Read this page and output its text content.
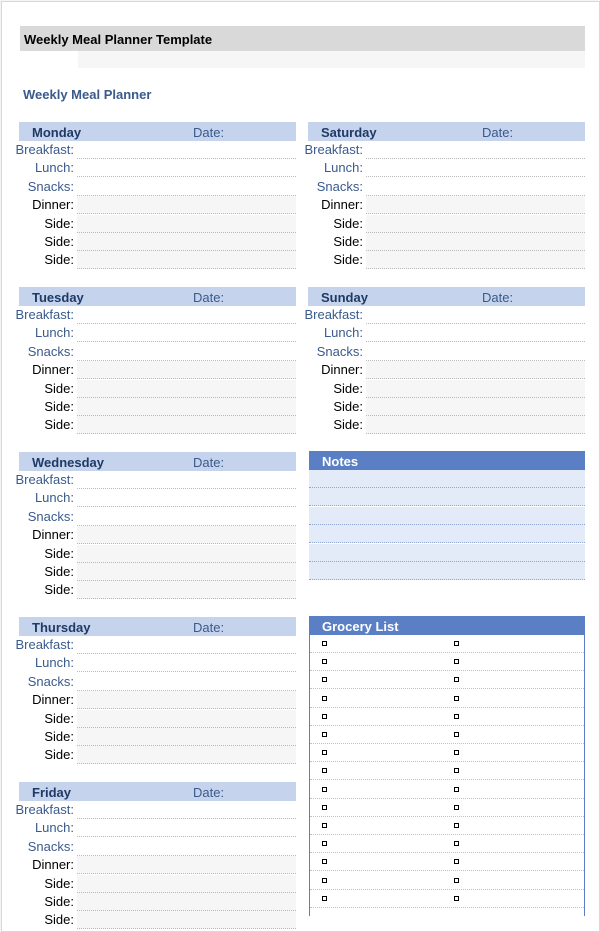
Weekly Meal Planner Template
Weekly Meal Planner
Monday	Date:
Breakfast:
Lunch:
Snacks:
Dinner:
Side:
Side:
Side:
Tuesday	Date:
Breakfast:
Lunch:
Snacks:
Dinner:
Side:
Side:
Side:
Wednesday	Date:
Breakfast:
Lunch:
Snacks:
Dinner:
Side:
Side:
Side:
Thursday	Date:
Breakfast:
Lunch:
Snacks:
Dinner:
Side:
Side:
Side:
Friday	Date:
Breakfast:
Lunch:
Snacks:
Dinner:
Side:
Side:
Side:
Saturday	Date:
Breakfast:
Lunch:
Snacks:
Dinner:
Side:
Side:
Side:
Sunday	Date:
Breakfast:
Lunch:
Snacks:
Dinner:
Side:
Side:
Side:
Notes
Grocery List
